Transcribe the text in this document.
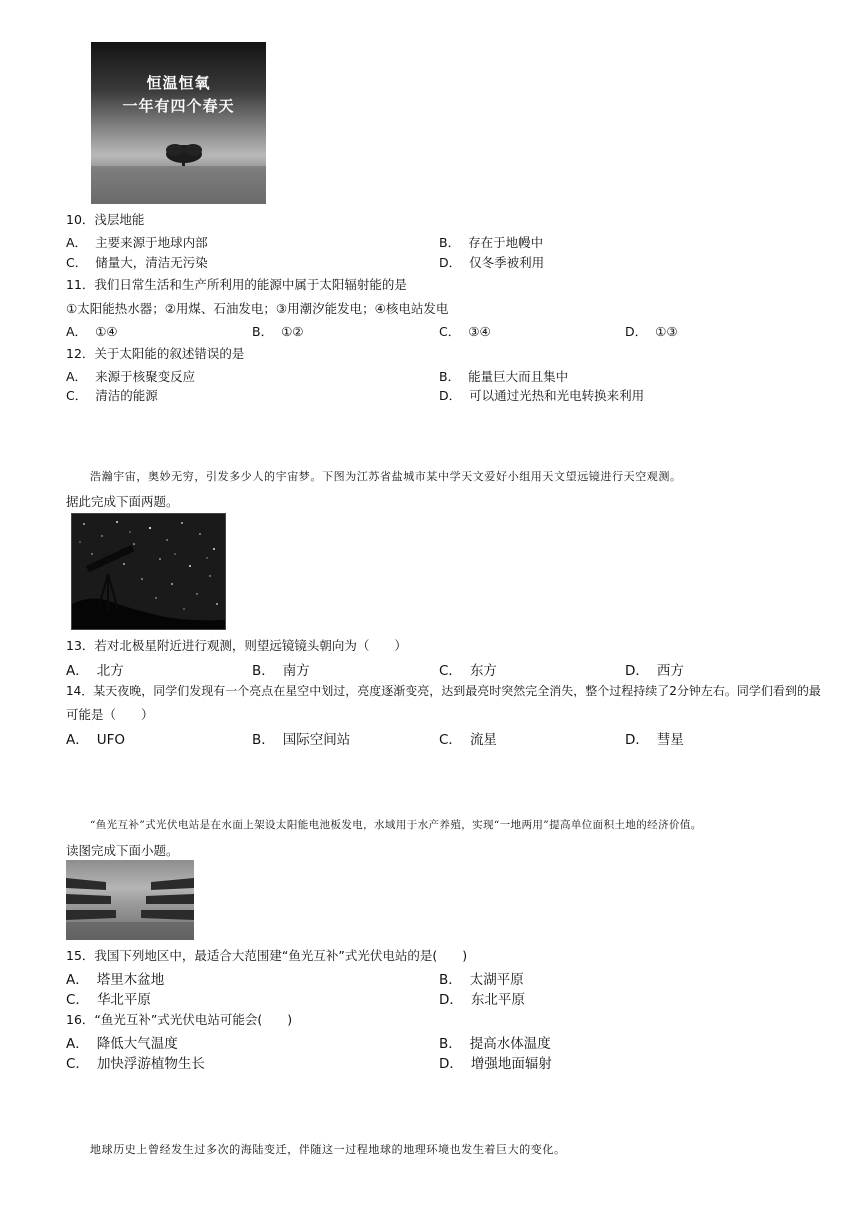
恒温恒氧
一年有四个春天
10．浅层地能
A． 主要来源于地球内部	B． 存在于地幔中
C． 储量大，清洁无污染	D． 仅冬季被利用
11．我们日常生活和生产所利用的能源中属于太阳辐射能的是
①太阳能热水器；②用煤、石油发电；③用潮汐能发电；④核电站发电
A． ①④	B． ①②	C． ③④	D． ①③
12．关于太阳能的叙述错误的是
A． 来源于核聚变反应	B． 能量巨大而且集中
C． 清洁的能源	D． 可以通过光热和光电转换来利用
浩瀚宇宙，奥妙无穷，引发多少人的宇宙梦。下图为江苏省盐城市某中学天文爱好小组用天文望远镜进行天空观测。
据此完成下面两题。
13．若对北极星附近进行观测，则望远镜镜头朝向为（　　）
A． 北方	B． 南方	C． 东方	D． 西方
14．某天夜晚，同学们发现有一个亮点在星空中划过，亮度逐渐变亮，达到最亮时突然完全消失，整个过程持续了2分钟左右。同学们看到的最
可能是（　　）
A． UFO	B． 国际空间站	C． 流星	D． 彗星
“鱼光互补”式光伏电站是在水面上架设太阳能电池板发电，水域用于水产养殖，实现“一地两用”提高单位面积土地的经济价值。
读图完成下面小题。
15．我国下列地区中，最适合大范围建“鱼光互补”式光伏电站的是(　　)
A． 塔里木盆地	B． 太湖平原
C． 华北平原	D． 东北平原
16．“鱼光互补”式光伏电站可能会(　　)
A． 降低大气温度	B． 提高水体温度
C． 加快浮游植物生长	D． 增强地面辐射
地球历史上曾经发生过多次的海陆变迁，伴随这一过程地球的地理环境也发生着巨大的变化。
